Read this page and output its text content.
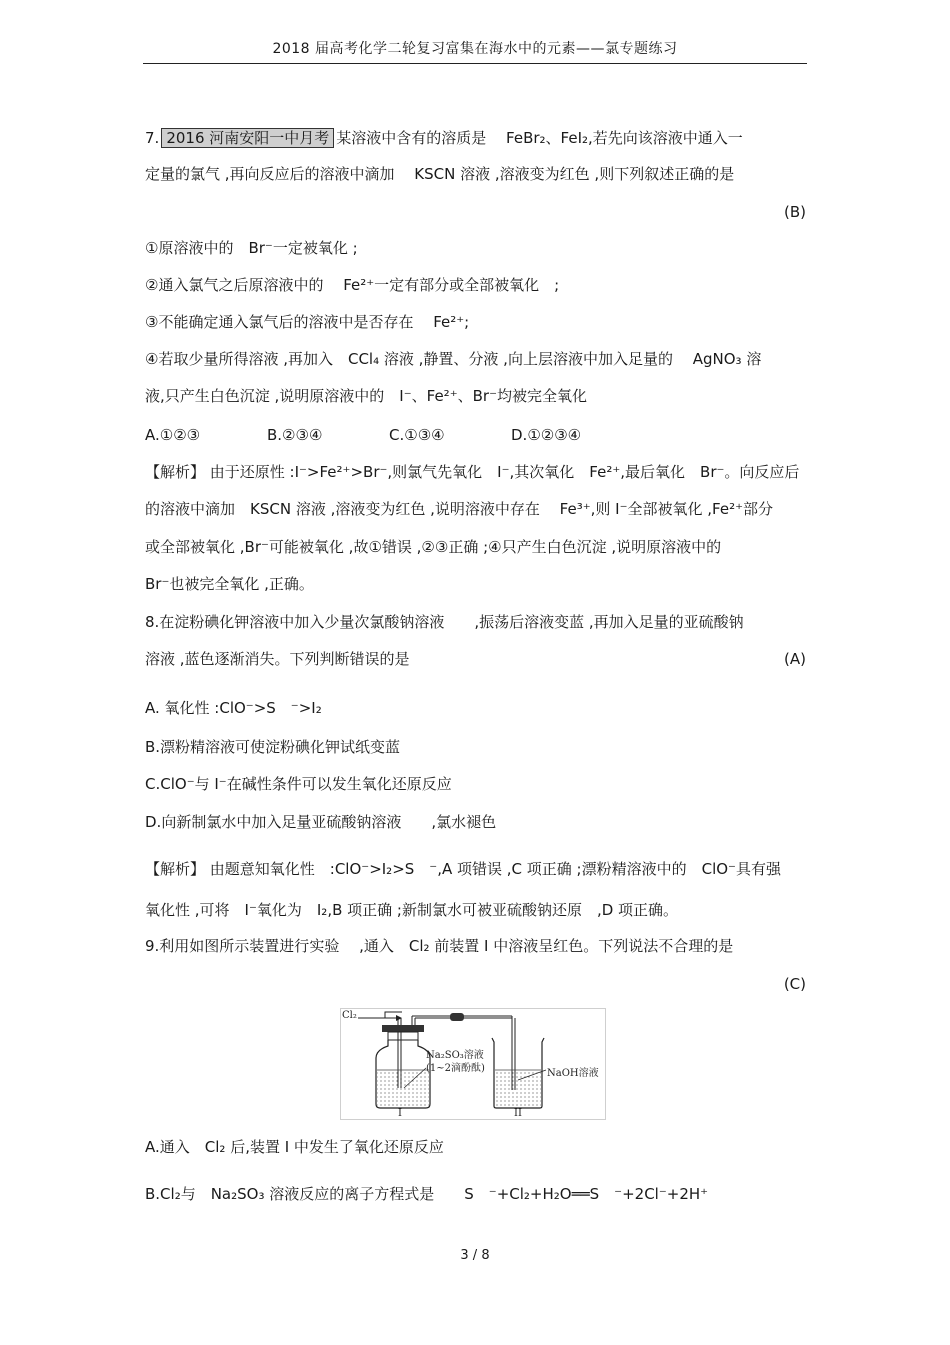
2018 届高考化学二轮复习富集在海水中的元素——氯专题练习
7. 2016 河南安阳一中月考 某溶液中含有的溶质是　 FeBr₂、FeI₂,若先向该溶液中通入一
定量的氯气 ,再向反应后的溶液中滴加　 KSCN 溶液 ,溶液变为红色 ,则下列叙述正确的是
(B)
①原溶液中的　Br⁻一定被氧化 ;
②通入氯气之后原溶液中的　 Fe²⁺一定有部分或全部被氧化　;
③不能确定通入氯气后的溶液中是否存在　 Fe²⁺;
④若取少量所得溶液 ,再加入　CCl₄ 溶液 ,静置、分液 ,向上层溶液中加入足量的　 AgNO₃ 溶
液,只产生白色沉淀 ,说明原溶液中的　I⁻、Fe²⁺、Br⁻均被完全氧化
A.①②③	B.②③④	C.①③④	D.①②③④
【解析】 由于还原性 :I⁻>Fe²⁺>Br⁻,则氯气先氧化　I⁻,其次氧化　Fe²⁺,最后氧化　Br⁻。向反应后
的溶液中滴加　KSCN 溶液 ,溶液变为红色 ,说明溶液中存在　 Fe³⁺,则 I⁻全部被氧化 ,Fe²⁺部分
或全部被氧化 ,Br⁻可能被氧化 ,故①错误 ,②③正确 ;④只产生白色沉淀 ,说明原溶液中的
Br⁻也被完全氧化 ,正确。
8.在淀粉碘化钾溶液中加入少量次氯酸钠溶液　　,振荡后溶液变蓝 ,再加入足量的亚硫酸钠
溶液 ,蓝色逐渐消失。下列判断错误的是	(A)
A. 氧化性 :ClO⁻>S　⁻>I₂
B.漂粉精溶液可使淀粉碘化钾试纸变蓝
C.ClO⁻与 I⁻在碱性条件可以发生氧化还原反应
D.向新制氯水中加入足量亚硫酸钠溶液　　,氯水褪色
【解析】 由题意知氧化性　:ClO⁻>I₂>S　⁻,A 项错误 ,C 项正确 ;漂粉精溶液中的　ClO⁻具有强
氧化性 ,可将　I⁻氧化为　I₂,B 项正确 ;新制氯水可被亚硫酸钠还原　,D 项正确。
9.利用如图所示装置进行实验　 ,通入　Cl₂ 前装置 I 中溶液呈红色。下列说法不合理的是
(C)
Cl₂
Na₂SO₃溶液
(1~2滴酚酞)	NaOH溶液
I	II
A.通入　Cl₂ 后,装置 I 中发生了氧化还原反应
B.Cl₂与　Na₂SO₃ 溶液反应的离子方程式是　　S　⁻+Cl₂+H₂O══S　⁻+2Cl⁻+2H⁺
3 / 8
